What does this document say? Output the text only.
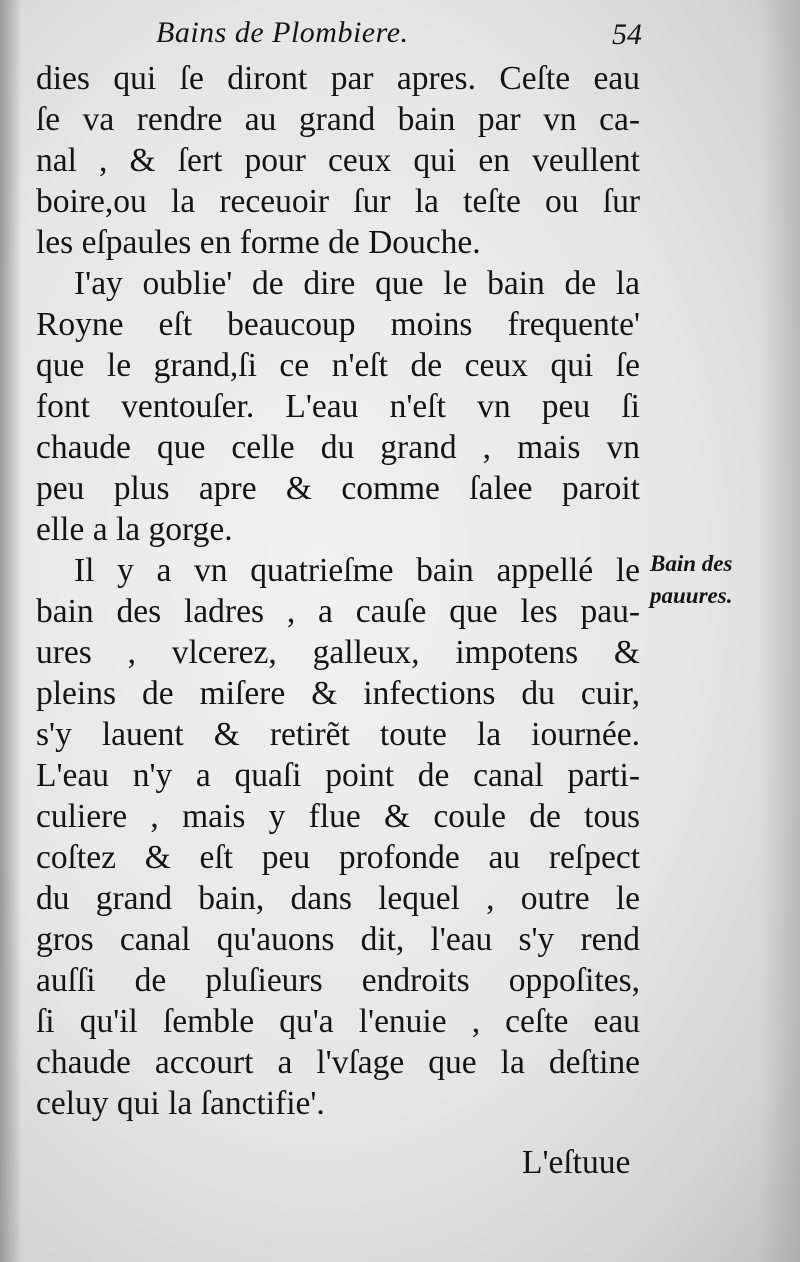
Bains de Plombiere.	54
dies qui ſe diront par apres. Ceſte eau
ſe va rendre au grand bain par vn ca-
nal , & ſert pour ceux qui en veullent
boire,ou la receuoir ſur la teſte ou ſur
les eſpaules en forme de Douche.
I'ay oublie' de dire que le bain de la
Royne eſt beaucoup moins frequente'
que le grand,ſi ce n'eſt de ceux qui ſe
font ventouſer. L'eau n'eſt vn peu ſi
chaude que celle du grand , mais vn
peu plus apre & comme ſalee paroit
elle a la gorge.
Il y a vn quatrieſme bain appellé le
bain des ladres , a cauſe que les pau-
ures , vlcerez, galleux, impotens &
pleins de miſere & infections du cuir,
s'y lauent & retirẽt toute la iournée.
L'eau n'y a quaſi point de canal parti-
culiere , mais y flue & coule de tous
coſtez & eſt peu profonde au reſpect
du grand bain, dans lequel , outre le
gros canal qu'auons dit, l'eau s'y rend
auſſi de pluſieurs endroits oppoſites,
ſi qu'il ſemble qu'a l'enuie , ceſte eau
chaude accourt a l'vſage que la deſtine
celuy qui la ſanctifie'.
Bain des
pauures.
L'eſtuue
